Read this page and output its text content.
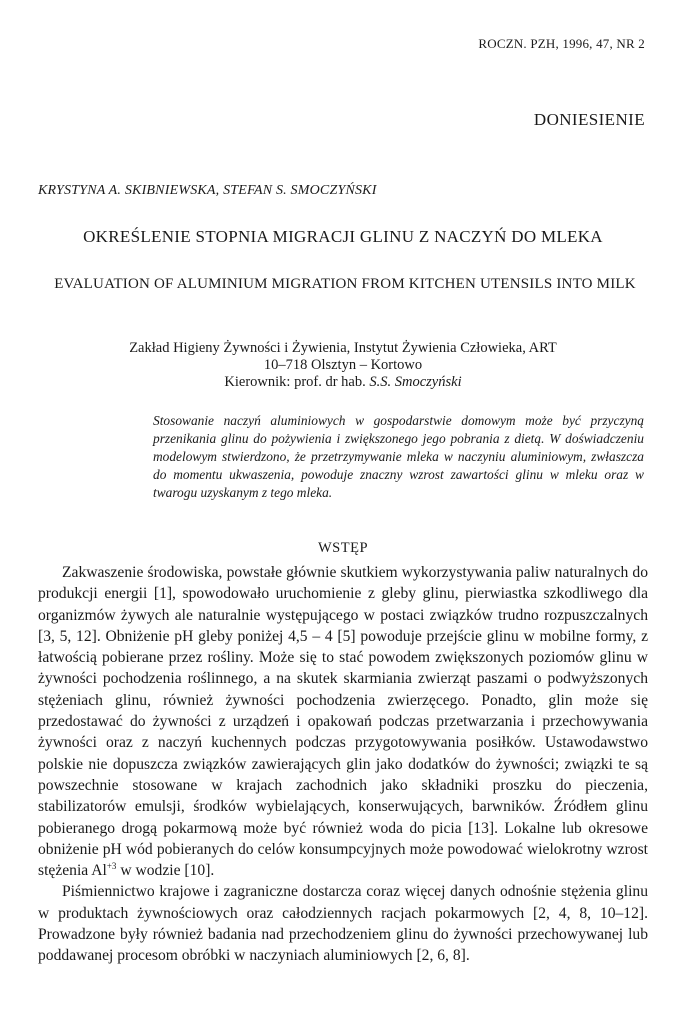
ROCZN. PZH, 1996, 47, NR 2
DONIESIENIE
KRYSTYNA A. SKIBNIEWSKA, STEFAN S. SMOCZYŃSKI
OKREŚLENIE STOPNIA MIGRACJI GLINU Z NACZYŃ DO MLEKA
EVALUATION OF ALUMINIUM MIGRATION FROM KITCHEN UTENSILS INTO MILK
Zakład Higieny Żywności i Żywienia, Instytut Żywienia Człowieka, ART
10–718 Olsztyn – Kortowo
Kierownik: prof. dr hab. S.S. Smoczyński
Stosowanie naczyń aluminiowych w gospodarstwie domowym może być przyczyną przenikania glinu do pożywienia i zwiększonego jego pobrania z dietą. W doświadczeniu modelowym stwierdzono, że przetrzymywanie mleka w naczyniu aluminiowym, zwłaszcza do momentu ukwaszenia, powoduje znaczny wzrost zawartości glinu w mleku oraz w twarogu uzyskanym z tego mleka.
WSTĘP

Zakwaszenie środowiska, powstałe głównie skutkiem wykorzystywania paliw naturalnych do produkcji energii [1], spowodowało uruchomienie z gleby glinu, pierwiastka szkodliwego dla organizmów żywych ale naturalnie występującego w postaci związków trudno rozpuszczalnych [3, 5, 12]. Obniżenie pH gleby poniżej 4,5 – 4 [5] powoduje przejście glinu w mobilne formy, z łatwością pobierane przez rośliny. Może się to stać powodem zwiększonych poziomów glinu w żywności pochodzenia roślinnego, a na skutek skarmiania zwierząt paszami o podwyższonych stężeniach glinu, również żywności pochodzenia zwierzęcego. Ponadto, glin może się przedostawać do żywności z urządzeń i opakowań podczas przetwarzania i przechowywania żywności oraz z naczyń kuchennych podczas przygotowywania posiłków. Ustawodawstwo polskie nie dopuszcza związków zawierających glin jako dodatków do żywności; związki te są powszechnie stosowane w krajach zachodnich jako składniki proszku do pieczenia, stabilizatorów emulsji, środków wybielających, konserwujących, barwników. Źródłem glinu pobieranego drogą pokarmową może być również woda do picia [13]. Lokalne lub okresowe obniżenie pH wód pobieranych do celów konsumpcyjnych może powodować wielokrotny wzrost stężenia $Al^{+3}$ w wodzie [10].

Piśmiennictwo krajowe i zagraniczne dostarcza coraz więcej danych odnośnie stężenia glinu w produktach żywnościowych oraz całodziennych racjach pokarmowych [2, 4, 8, 10–12]. Prowadzone były również badania nad przechodzeniem glinu do żywności przechowywanej lub poddawanej procesom obróbki w naczyniach aluminiowych [2, 6, 8].
